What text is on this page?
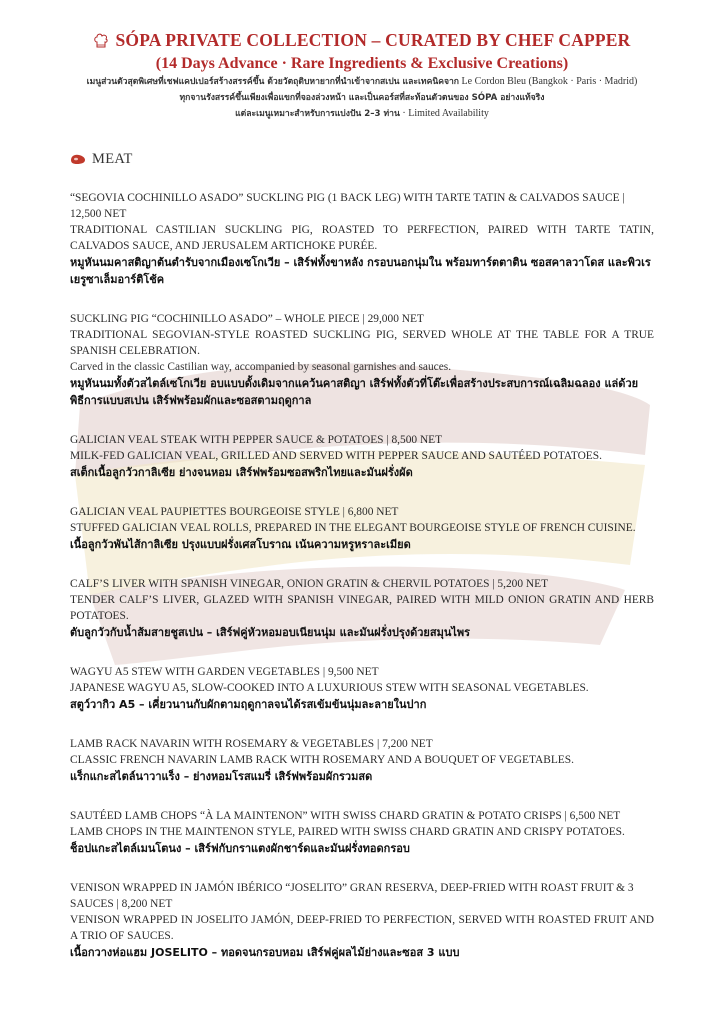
SÓPA PRIVATE COLLECTION – CURATED BY CHEF CAPPER
(14 Days Advance · Rare Ingredients & Exclusive Creations)
เมนูส่วนตัวสุดพิเศษที่เชฟแคปเปอร์สร้างสรรค์ขึ้น ด้วยวัตถุดิบหายากที่นำเข้าจากสเปน และเทคนิคจาก Le Cordon Bleu (Bangkok · Paris · Madrid)
ทุกจานรังสรรค์ขึ้นเพียงเพื่อแขกที่จองล่วงหน้า และเป็นคอร์สที่สะท้อนตัวตนของ SÓPA อย่างแท้จริง
แต่ละเมนูเหมาะสำหรับการแบ่งปัน 2–3 ท่าน · Limited Availability
MEAT
“SEGOVIA COCHINILLO ASADO” SUCKLING PIG (1 BACK LEG) WITH TARTE TATIN & CALVADOS SAUCE | 12,500 NET
TRADITIONAL CASTILIAN SUCKLING PIG, ROASTED TO PERFECTION, PAIRED WITH TARTE TATIN, CALVADOS SAUCE, AND JERUSALEM ARTICHOKE PURÉE.
หมูหันนมคาสติญาต้นตำรับจากเมืองเซโกเวีย – เสิร์ฟทั้งขาหลัง กรอบนอกนุ่มใน พร้อมทาร์ตตาติน ซอสคาลวาโดส และพิวเรเยรูซาเล็มอาร์ติโช้ค
SUCKLING PIG “COCHINILLO ASADO” – WHOLE PIECE | 29,000 NET
TRADITIONAL SEGOVIAN-STYLE ROASTED SUCKLING PIG, SERVED WHOLE AT THE TABLE FOR A TRUE SPANISH CELEBRATION.
Carved in the classic Castilian way, accompanied by seasonal garnishes and sauces.
หมูหันนมทั้งตัวสไตล์เซโกเวีย อบแบบดั้งเดิมจากแคว้นคาสติญา เสิร์ฟทั้งตัวที่โต๊ะเพื่อสร้างประสบการณ์เฉลิมฉลอง แล่ด้วยพิธีการแบบสเปน เสิร์ฟพร้อมผักและซอสตามฤดูกาล
GALICIAN VEAL STEAK WITH PEPPER SAUCE & POTATOES | 8,500 NET
MILK-FED GALICIAN VEAL, GRILLED AND SERVED WITH PEPPER SAUCE AND SAUTÉED POTATOES.
สเต็กเนื้อลูกวัวกาลิเซีย ย่างจนหอม เสิร์ฟพร้อมซอสพริกไทยและมันฝรั่งผัด
GALICIAN VEAL PAUPIETTES BOURGEOISE STYLE | 6,800 NET
STUFFED GALICIAN VEAL ROLLS, PREPARED IN THE ELEGANT BOURGEOISE STYLE OF FRENCH CUISINE.
เนื้อลูกวัวพันไส้กาลิเซีย ปรุงแบบฝรั่งเศสโบราณ เน้นความหรูหราละเมียด
CALF’S LIVER WITH SPANISH VINEGAR, ONION GRATIN & CHERVIL POTATOES | 5,200 NET
TENDER CALF’S LIVER, GLAZED WITH SPANISH VINEGAR, PAIRED WITH MILD ONION GRATIN AND HERB POTATOES.
ตับลูกวัวกับน้ำส้มสายชูสเปน – เสิร์ฟคู่หัวหอมอบเนียนนุ่ม และมันฝรั่งปรุงด้วยสมุนไพร
WAGYU A5 STEW WITH GARDEN VEGETABLES | 9,500 NET
JAPANESE WAGYU A5, SLOW-COOKED INTO A LUXURIOUS STEW WITH SEASONAL VEGETABLES.
สตูว์วากิว A5 – เคี่ยวนานกับผักตามฤดูกาลจนได้รสเข้มข้นนุ่มละลายในปาก
LAMB RACK NAVARIN WITH ROSEMARY & VEGETABLES | 7,200 NET
CLASSIC FRENCH NAVARIN LAMB RACK WITH ROSEMARY AND A BOUQUET OF VEGETABLES.
แร็กแกะสไตล์นาวาแร็ง – ย่างหอมโรสแมรี่ เสิร์ฟพร้อมผักรวมสด
SAUTÉED LAMB CHOPS “À LA MAINTENON” WITH SWISS CHARD GRATIN & POTATO CRISPS | 6,500 NET
LAMB CHOPS IN THE MAINTENON STYLE, PAIRED WITH SWISS CHARD GRATIN AND CRISPY POTATOES.
ช็อปแกะสไตล์เมนโตนง – เสิร์ฟกับกราแตงผักชาร์ดและมันฝรั่งทอดกรอบ
VENISON WRAPPED IN JAMÓN IBÉRICO “JOSELITO” GRAN RESERVA, DEEP-FRIED WITH ROAST FRUIT & 3 SAUCES | 8,200 NET
VENISON WRAPPED IN JOSELITO JAMÓN, DEEP-FRIED TO PERFECTION, SERVED WITH ROASTED FRUIT AND A TRIO OF SAUCES.
เนื้อกวางห่อแฮม JOSELITO – ทอดจนกรอบหอม เสิร์ฟคู่ผลไม้ย่างและซอส 3 แบบ
